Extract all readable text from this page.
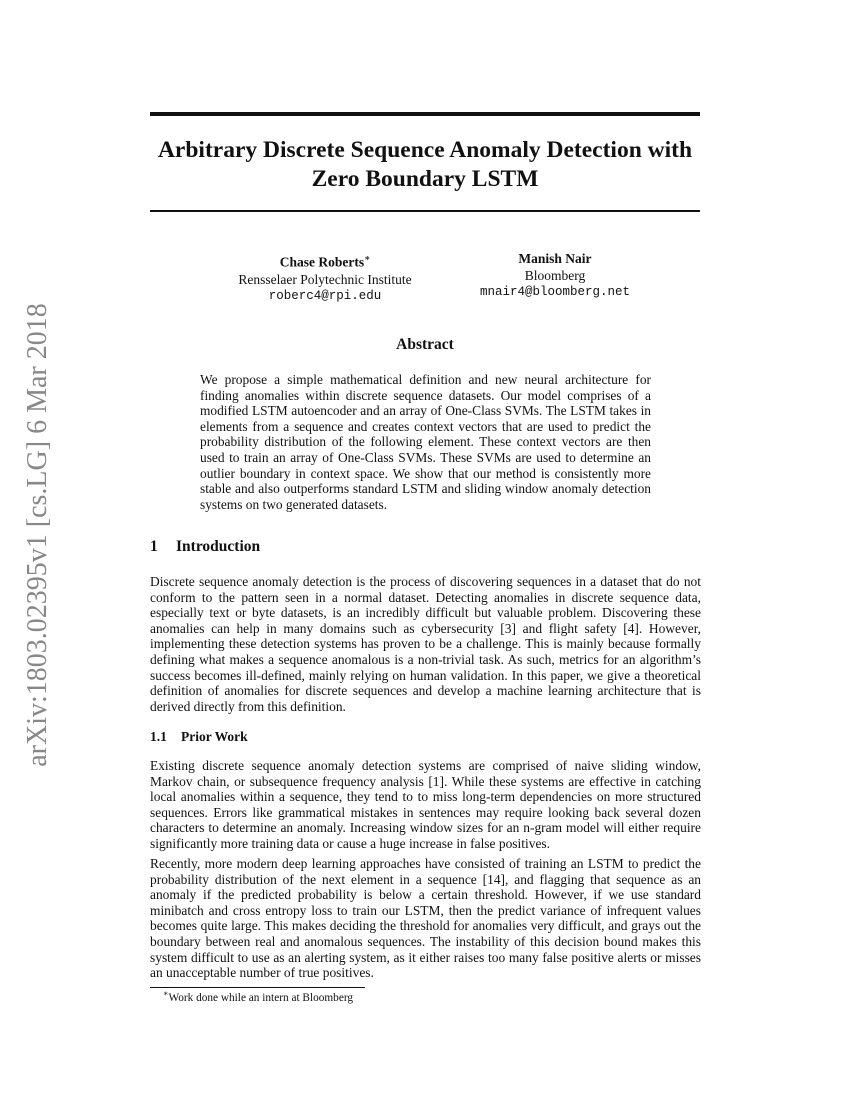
arXiv:1803.02395v1 [cs.LG] 6 Mar 2018
Arbitrary Discrete Sequence Anomaly Detection with
Zero Boundary LSTM
Chase Roberts∗
Rensselaer Polytechnic Institute
roberc4@rpi.edu
Manish Nair
Bloomberg
mnair4@bloomberg.net
Abstract

We propose a simple mathematical definition and new neural architecture for finding anomalies within discrete sequence datasets. Our model comprises of a modified LSTM autoencoder and an array of One-Class SVMs. The LSTM takes in elements from a sequence and creates context vectors that are used to predict the probability distribution of the following element. These context vectors are then used to train an array of One-Class SVMs. These SVMs are used to determine an outlier boundary in context space. We show that our method is consistently more stable and also outperforms standard LSTM and sliding window anomaly detection systems on two generated datasets.

1 Introduction

Discrete sequence anomaly detection is the process of discovering sequences in a dataset that do not conform to the pattern seen in a normal dataset. Detecting anomalies in discrete sequence data, especially text or byte datasets, is an incredibly difficult but valuable problem. Discovering these anomalies can help in many domains such as cybersecurity [3] and flight safety [4]. However, implementing these detection systems has proven to be a challenge. This is mainly because formally defining what makes a sequence anomalous is a non-trivial task. As such, metrics for an algorithm’s success becomes ill-defined, mainly relying on human validation. In this paper, we give a theoretical definition of anomalies for discrete sequences and develop a machine learning architecture that is derived directly from this definition.

1.1 Prior Work

Existing discrete sequence anomaly detection systems are comprised of naive sliding window, Markov chain, or subsequence frequency analysis [1]. While these systems are effective in catching local anomalies within a sequence, they tend to to miss long-term dependencies on more structured sequences. Errors like grammatical mistakes in sentences may require looking back several dozen characters to determine an anomaly. Increasing window sizes for an n-gram model will either require significantly more training data or cause a huge increase in false positives.

Recently, more modern deep learning approaches have consisted of training an LSTM to predict the probability distribution of the next element in a sequence [14], and flagging that sequence as an anomaly if the predicted probability is below a certain threshold. However, if we use standard minibatch and cross entropy loss to train our LSTM, then the predict variance of infrequent values becomes quite large. This makes deciding the threshold for anomalies very difficult, and grays out the boundary between real and anomalous sequences. The instability of this decision bound makes this system difficult to use as an alerting system, as it either raises too many false positive alerts or misses an unacceptable number of true positives.

∗Work done while an intern at Bloomberg
